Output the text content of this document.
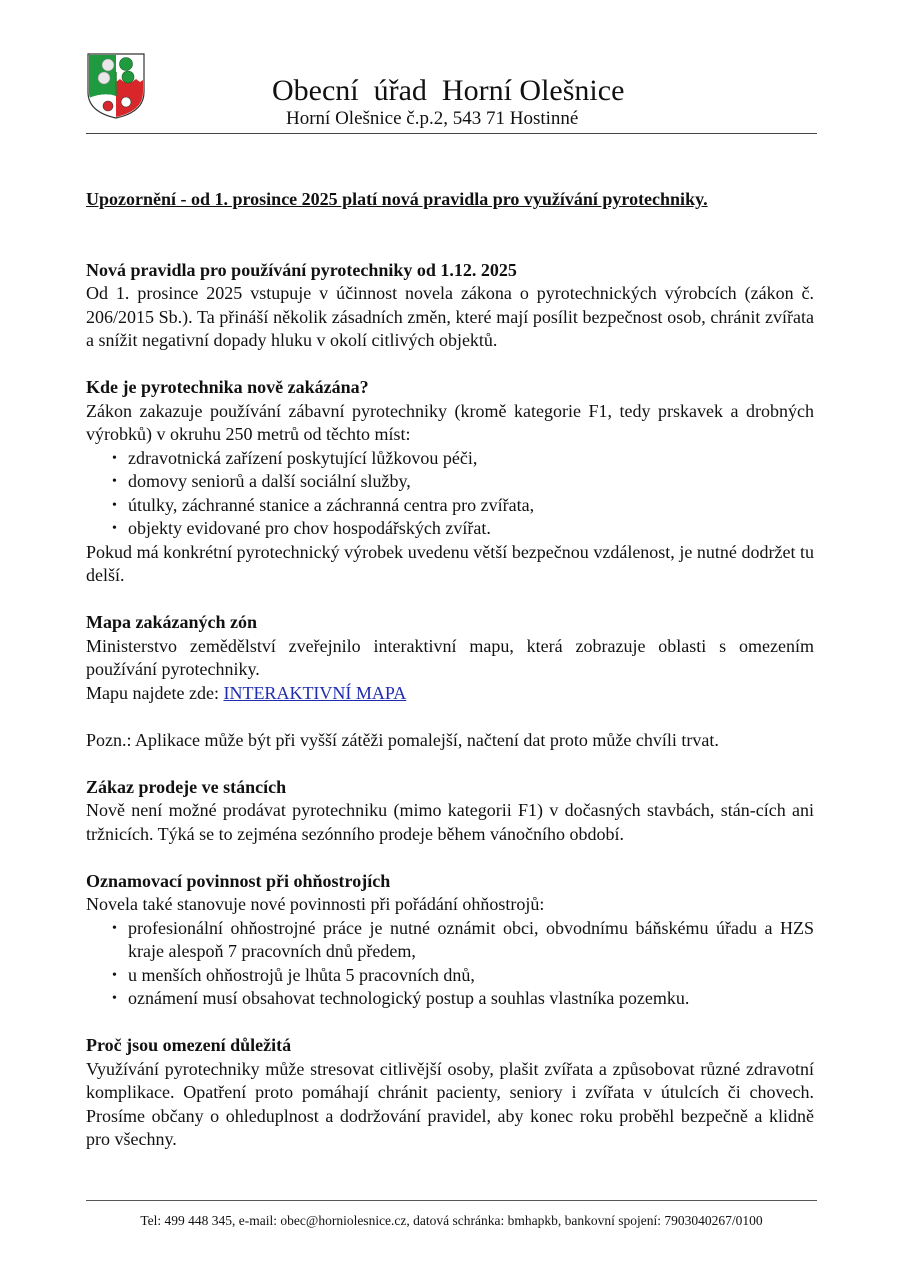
Obecní  úřad  Horní Olešnice
Horní Olešnice č.p.2, 543 71 Hostinné

Upozornění - od 1. prosince 2025 platí nová pravidla pro využívání pyrotechniky.

Nová pravidla pro používání pyrotechniky od 1.12. 2025

Od 1. prosince 2025 vstupuje v účinnost novela zákona o pyrotechnických výrobcích (zákon č. 206/2015 Sb.). Ta přináší několik zásadních změn, které mají posílit bezpečnost osob, chránit zvířata a snížit negativní dopady hluku v okolí citlivých objektů.

Kde je pyrotechnika nově zakázána?

Zákon zakazuje používání zábavní pyrotechniky (kromě kategorie F1, tedy prskavek a drobných výrobků) v okruhu 250 metrů od těchto míst:

• zdravotnická zařízení poskytující lůžkovou péči,
• domovy seniorů a další sociální služby,
• útulky, záchranné stanice a záchranná centra pro zvířata,
• objekty evidované pro chov hospodářských zvířat.

Pokud má konkrétní pyrotechnický výrobek uvedenu větší bezpečnou vzdálenost, je nutné dodržet tu delší.

Mapa zakázaných zón

Ministerstvo zemědělství zveřejnilo interaktivní mapu, která zobrazuje oblasti s omezením používání pyrotechniky.

Mapu najdete zde: INTERAKTIVNÍ MAPA

Pozn.: Aplikace může být při vyšší zátěži pomalejší, načtení dat proto může chvíli trvat.

Zákaz prodeje ve stáncích

Nově není možné prodávat pyrotechniku (mimo kategorii F1) v dočasných stavbách, stán-cích ani tržnicích. Týká se to zejména sezónního prodeje během vánočního období.

Oznamovací povinnost při ohňostrojích

Novela také stanovuje nové povinnosti při pořádání ohňostrojů:

• profesionální ohňostrojné práce je nutné oznámit obci, obvodnímu báňskému úřadu a HZS kraje alespoň 7 pracovních dnů předem,
• u menších ohňostrojů je lhůta 5 pracovních dnů,
• oznámení musí obsahovat technologický postup a souhlas vlastníka pozemku.
Proč jsou omezení důležitá

Využívání pyrotechniky může stresovat citlivější osoby, plašit zvířata a způsobovat různé zdravotní komplikace. Opatření proto pomáhají chránit pacienty, seniory i zvířata v útulcích či chovech. Prosíme občany o ohleduplnost a dodržování pravidel, aby konec roku proběhl bezpečně a klidně pro všechny.

Tel: 499 448 345, e-mail: obec@horniolesnice.cz, datová schránka: bmhapkb, bankovní spojení: 7903040267/0100
